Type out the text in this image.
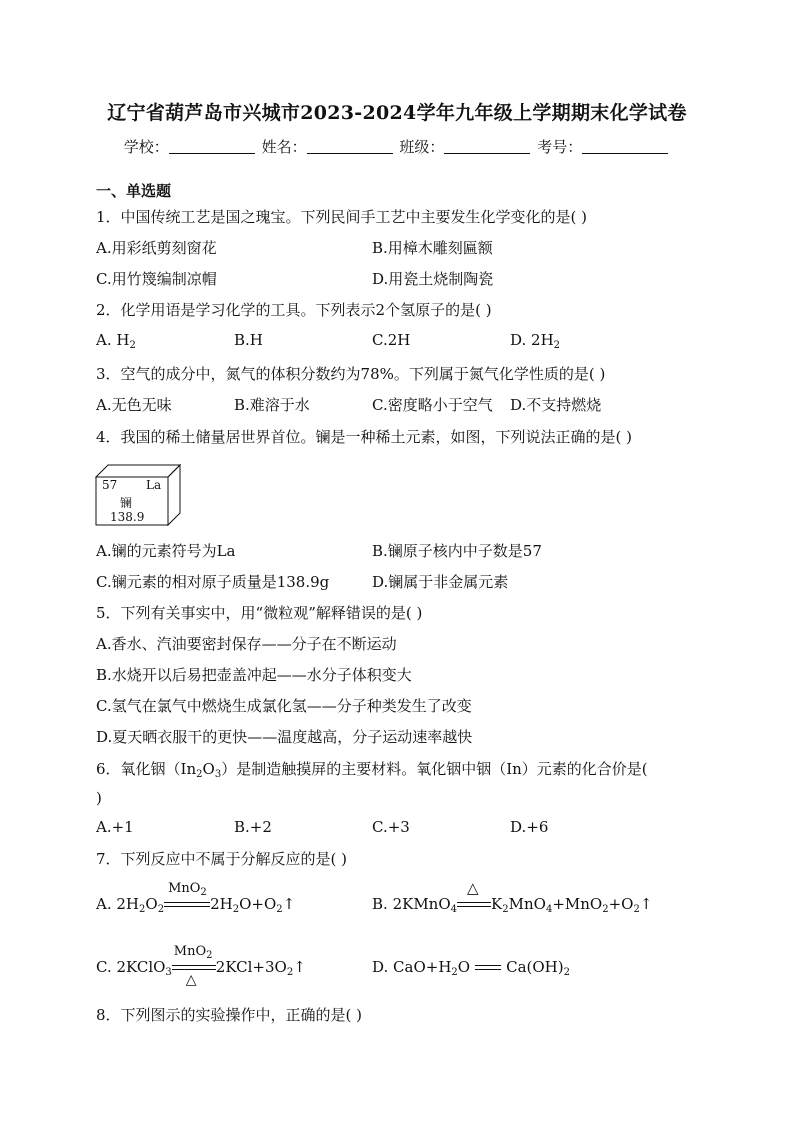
辽宁省葫芦岛市兴城市2023-2024学年九年级上学期期末化学试卷
学校：	姓名：	班级：	考号：
一、单选题
1．中国传统工艺是国之瑰宝。下列民间手工艺中主要发生化学变化的是( )
A.用彩纸剪刻窗花	B.用樟木雕刻匾额
C.用竹篾编制凉帽	D.用瓷土烧制陶瓷
2．化学用语是学习化学的工具。下列表示2个氢原子的是( )
A. $H_2$	B.H	C.2H	D. $2H_2$
3．空气的成分中，氮气的体积分数约为78%。下列属于氮气化学性质的是( )
A.无色无味	B.难溶于水	C.密度略小于空气 D.不支持燃烧
4．我国的稀土储量居世界首位。镧是一种稀土元素，如图，下列说法正确的是( )
57 La
镧
138.9
A.镧的元素符号为La	B.镧原子核内中子数是57
C.镧元素的相对原子质量是138.9g	D.镧属于非金属元素
5．下列有关事实中，用“微粒观”解释错误的是( )
A.香水、汽油要密封保存——分子在不断运动
B.水烧开以后易把壶盖冲起——水分子体积变大
C.氢气在氯气中燃烧生成氯化氢——分子种类发生了改变
D.夏天晒衣服干的更快——温度越高，分子运动速率越快
6．氧化铟$(In_2O_3)$是制造触摸屏的主要材料。氧化铟中铟（In）元素的化合价是(
)
A.+1	B.+2	C.+3	D.+6
7．下列反应中不属于分解反应的是( )
A. $2H_2O_2$
MnO$_2$
$2H_2O+O_2↑$	B. 2KMnO$_4$
△
$K_2MnO_4+MnO_2+O_2↑$
C. 2KClO$_3$
MnO$_2$
△
$2KCl+3O_2↑$	D. $CaO+H_2O$ $Ca(OH)_2$
8．下列图示的实验操作中，正确的是( )
